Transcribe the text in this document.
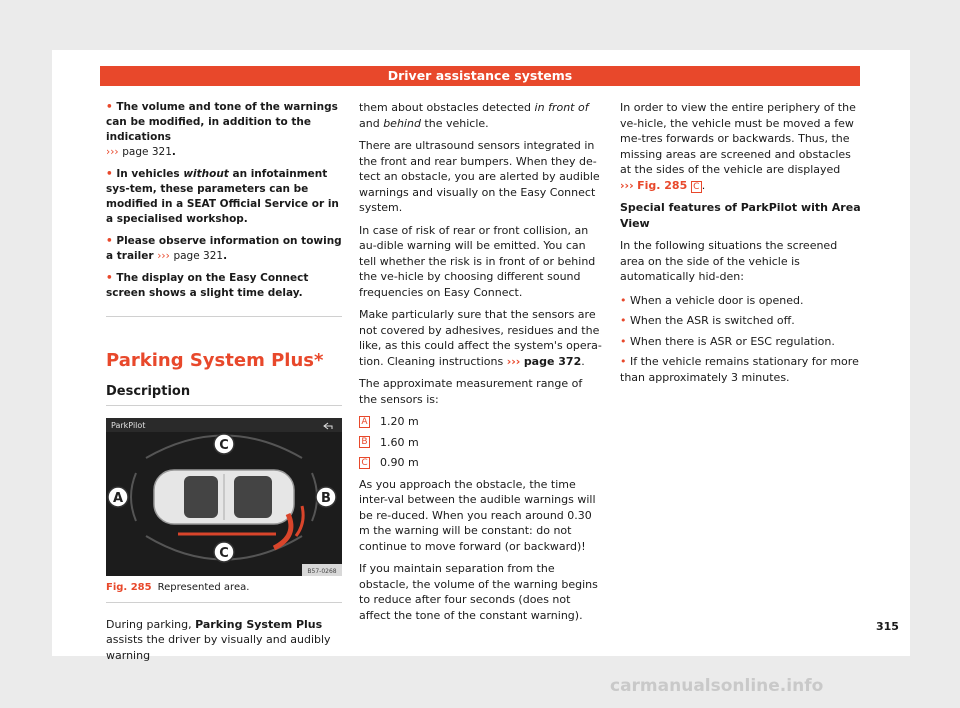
Driver assistance systems

• The volume and tone of the warnings can be modified, in addition to the indications
››› page 321.

• In vehicles without an infotainment sys-tem, these parameters can be modified in a SEAT Official Service or in a specialised workshop.

• Please observe information on towing a trailer ››› page 321.

• The display on the Easy Connect screen shows a slight time delay.

Parking System Plus*
Description
ParkPilot
C
A	B
C
B57-0268
Fig. 285 Represented area.

During parking, Parking System Plus assists the driver by visually and audibly warning

them about obstacles detected in front of and behind the vehicle.

There are ultrasound sensors integrated in the front and rear bumpers. When they de-tect an obstacle, you are alerted by audible warnings and visually on the Easy Connect system.

In case of risk of rear or front collision, an au-dible warning will be emitted. You can tell whether the risk is in front of or behind the ve-hicle by choosing different sound frequencies on Easy Connect.

Make particularly sure that the sensors are not covered by adhesives, residues and the like, as this could affect the system's opera-tion. Cleaning instructions ››› page 372.

The approximate measurement range of the sensors is:

A 1.20 m
B 1.60 m
C 0.90 m

As you approach the obstacle, the time inter-val between the audible warnings will be re-duced. When you reach around 0.30 m the warning will be constant: do not continue to move forward (or backward)!

If you maintain separation from the obstacle, the volume of the warning begins to reduce after four seconds (does not affect the tone of the constant warning).

In order to view the entire periphery of the ve-hicle, the vehicle must be moved a few me-tres forwards or backwards. Thus, the missing areas are screened and obstacles at the sides of the vehicle are displayed
››› Fig. 285 C .

Special features of ParkPilot with Area View

In the following situations the screened area on the side of the vehicle is automatically hid-den:

• When a vehicle door is opened.
• When the ASR is switched off.
• When there is ASR or ESC regulation.
• If the vehicle remains stationary for more than approximately 3 minutes.
315
carmanualsonline.info
